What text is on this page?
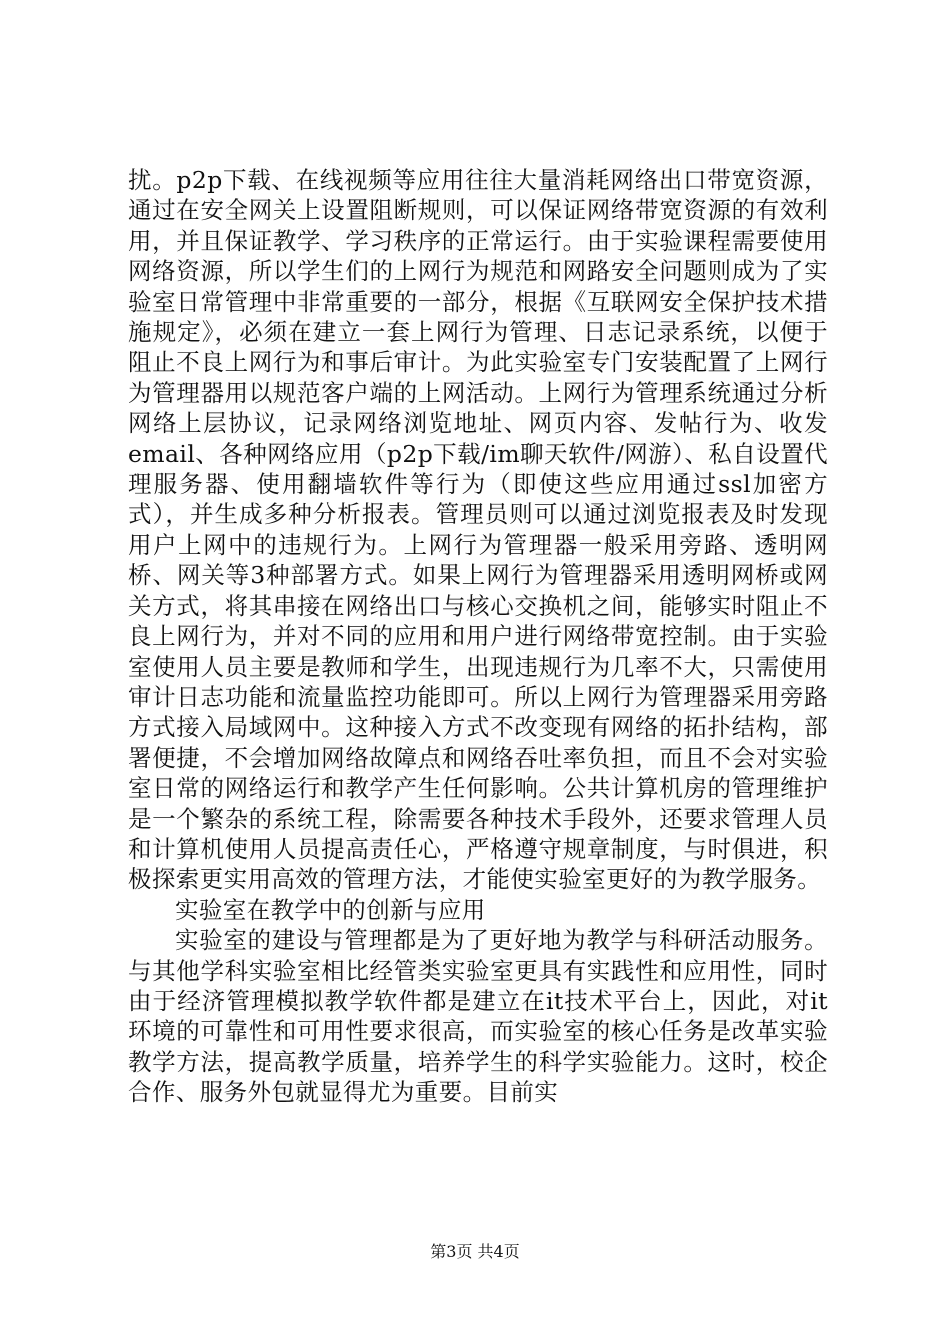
扰。p2p下载、在线视频等应用往往大量消耗网络出口带宽资源，通过在安全网关上设置阻断规则，可以保证网络带宽资源的有效利用，并且保证教学、学习秩序的正常运行。由于实验课程需要使用网络资源，所以学生们的上网行为规范和网路安全问题则成为了实验室日常管理中非常重要的一部分，根据《互联网安全保护技术措施规定》，必须在建立一套上网行为管理、日志记录系统，以便于阻止不良上网行为和事后审计。为此实验室专门安装配置了上网行为管理器用以规范客户端的上网活动。上网行为管理系统通过分析网络上层协议，记录网络浏览地址、网页内容、发帖行为、收发email、各种网络应用（p2p下载/im聊天软件/网游）、私自设置代理服务器、使用翻墙软件等行为（即使这些应用通过ssl加密方式），并生成多种分析报表。管理员则可以通过浏览报表及时发现用户上网中的违规行为。上网行为管理器一般采用旁路、透明网桥、网关等3种部署方式。如果上网行为管理器采用透明网桥或网关方式，将其串接在网络出口与核心交换机之间，能够实时阻止不良上网行为，并对不同的应用和用户进行网络带宽控制。由于实验室使用人员主要是教师和学生，出现违规行为几率不大，只需使用审计日志功能和流量监控功能即可。所以上网行为管理器采用旁路方式接入局域网中。这种接入方式不改变现有网络的拓扑结构，部署便捷，不会增加网络故障点和网络吞吐率负担，而且不会对实验室日常的网络运行和教学产生任何影响。公共计算机房的管理维护是一个繁杂的系统工程，除需要各种技术手段外，还要求管理人员和计算机使用人员提高责任心，严格遵守规章制度，与时俱进，积极探索更实用高效的管理方法，才能使实验室更好的为教学服务。

实验室在教学中的创新与应用

实验室的建设与管理都是为了更好地为教学与科研活动服务。与其他学科实验室相比经管类实验室更具有实践性和应用性，同时由于经济管理模拟教学软件都是建立在it技术平台上，因此，对it环境的可靠性和可用性要求很高，而实验室的核心任务是改革实验教学方法，提高教学质量，培养学生的科学实验能力。这时，校企合作、服务外包就显得尤为重要。目前实

第3页 共4页
